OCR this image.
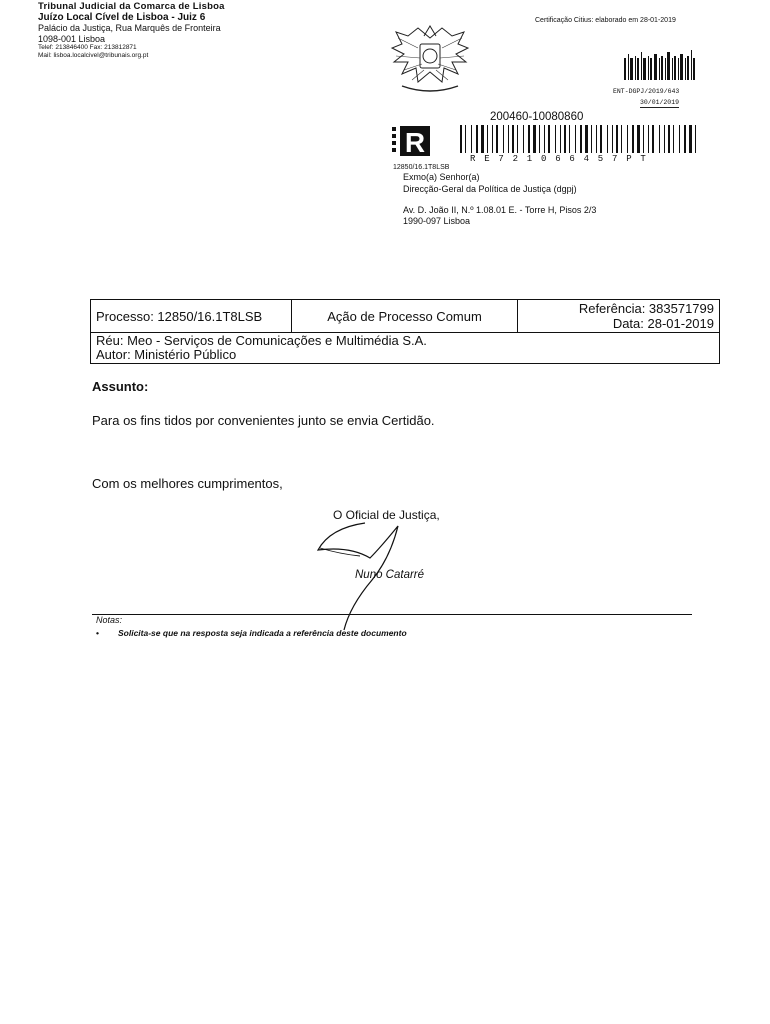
Tribunal Judicial da Comarca de Lisboa
Juízo Local Cível de Lisboa - Juiz 6
Palácio da Justiça, Rua Marquês de Fronteira
1098-001 Lisboa
Telef: 213846400 Fax: 213812871
Mail: lisboa.localcivel@tribunais.org.pt
Certificação Citius: elaborado em 28-01-2019
ENT-DGPJ/2019/643
30/01/2019
200460-10080860
R
RE721066457PT
12850/16.1T8LSB
Exmo(a) Senhor(a)
Direcção-Geral da Política de Justiça (dgpj)
Av. D. João II, N.º 1.08.01 E. - Torre H, Pisos 2/3
1990-097 Lisboa
Processo: 12850/16.1T8LSB	Ação de Processo Comum	Referência: 383571799
Data: 28-01-2019

Réu: Meo - Serviços de Comunicações e Multimédia S.A.
Autor: Ministério Público
Assunto:
Para os fins tidos por convenientes junto se envia Certidão.
Com os melhores cumprimentos,
O Oficial de Justiça,
Nuno Catarré
Notas:
• Solicita-se que na resposta seja indicada a referência deste documento
